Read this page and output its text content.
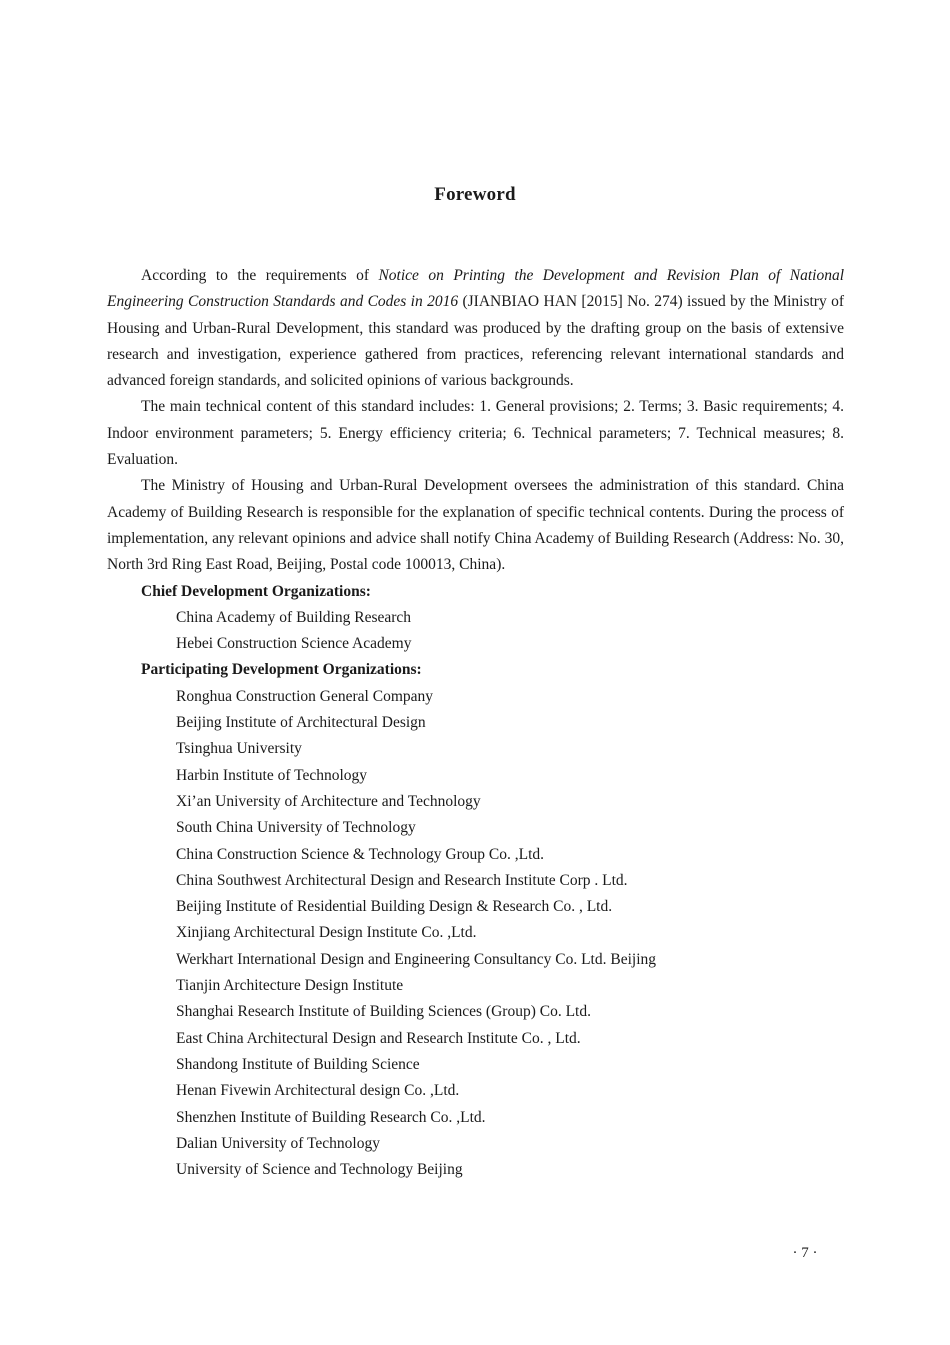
Foreword

According to the requirements of Notice on Printing the Development and Revision Plan of National Engineering Construction Standards and Codes in 2016 (JIANBIAO HAN [2015] No. 274) issued by the Ministry of Housing and Urban-Rural Development, this standard was produced by the drafting group on the basis of extensive research and investigation, experience gathered from practices, referencing relevant international standards and advanced foreign standards, and solicited opinions of various backgrounds.

The main technical content of this standard includes: 1. General provisions; 2. Terms; 3. Basic requirements; 4. Indoor environment parameters; 5. Energy efficiency criteria; 6. Technical parameters; 7. Technical measures; 8. Evaluation.

The Ministry of Housing and Urban-Rural Development oversees the administration of this standard. China Academy of Building Research is responsible for the explanation of specific technical contents. During the process of implementation, any relevant opinions and advice shall notify China Academy of Building Research (Address: No. 30, North 3rd Ring East Road, Beijing, Postal code 100013, China).

Chief Development Organizations:

China Academy of Building Research
Hebei Construction Science Academy

Participating Development Organizations:

Ronghua Construction General Company
Beijing Institute of Architectural Design
Tsinghua University
Harbin Institute of Technology
Xi’an University of Architecture and Technology
South China University of Technology
China Construction Science & Technology Group Co. ,Ltd.
China Southwest Architectural Design and Research Institute Corp . Ltd.
Beijing Institute of Residential Building Design & Research Co. , Ltd.
Xinjiang Architectural Design Institute Co. ,Ltd.
Werkhart International Design and Engineering Consultancy Co. Ltd. Beijing
Tianjin Architecture Design Institute
Shanghai Research Institute of Building Sciences (Group) Co. Ltd.
East China Architectural Design and Research Institute Co. , Ltd.
Shandong Institute of Building Science
Henan Fivewin Architectural design Co. ,Ltd.
Shenzhen Institute of Building Research Co. ,Ltd.
Dalian University of Technology
University of Science and Technology Beijing
· 7 ·
